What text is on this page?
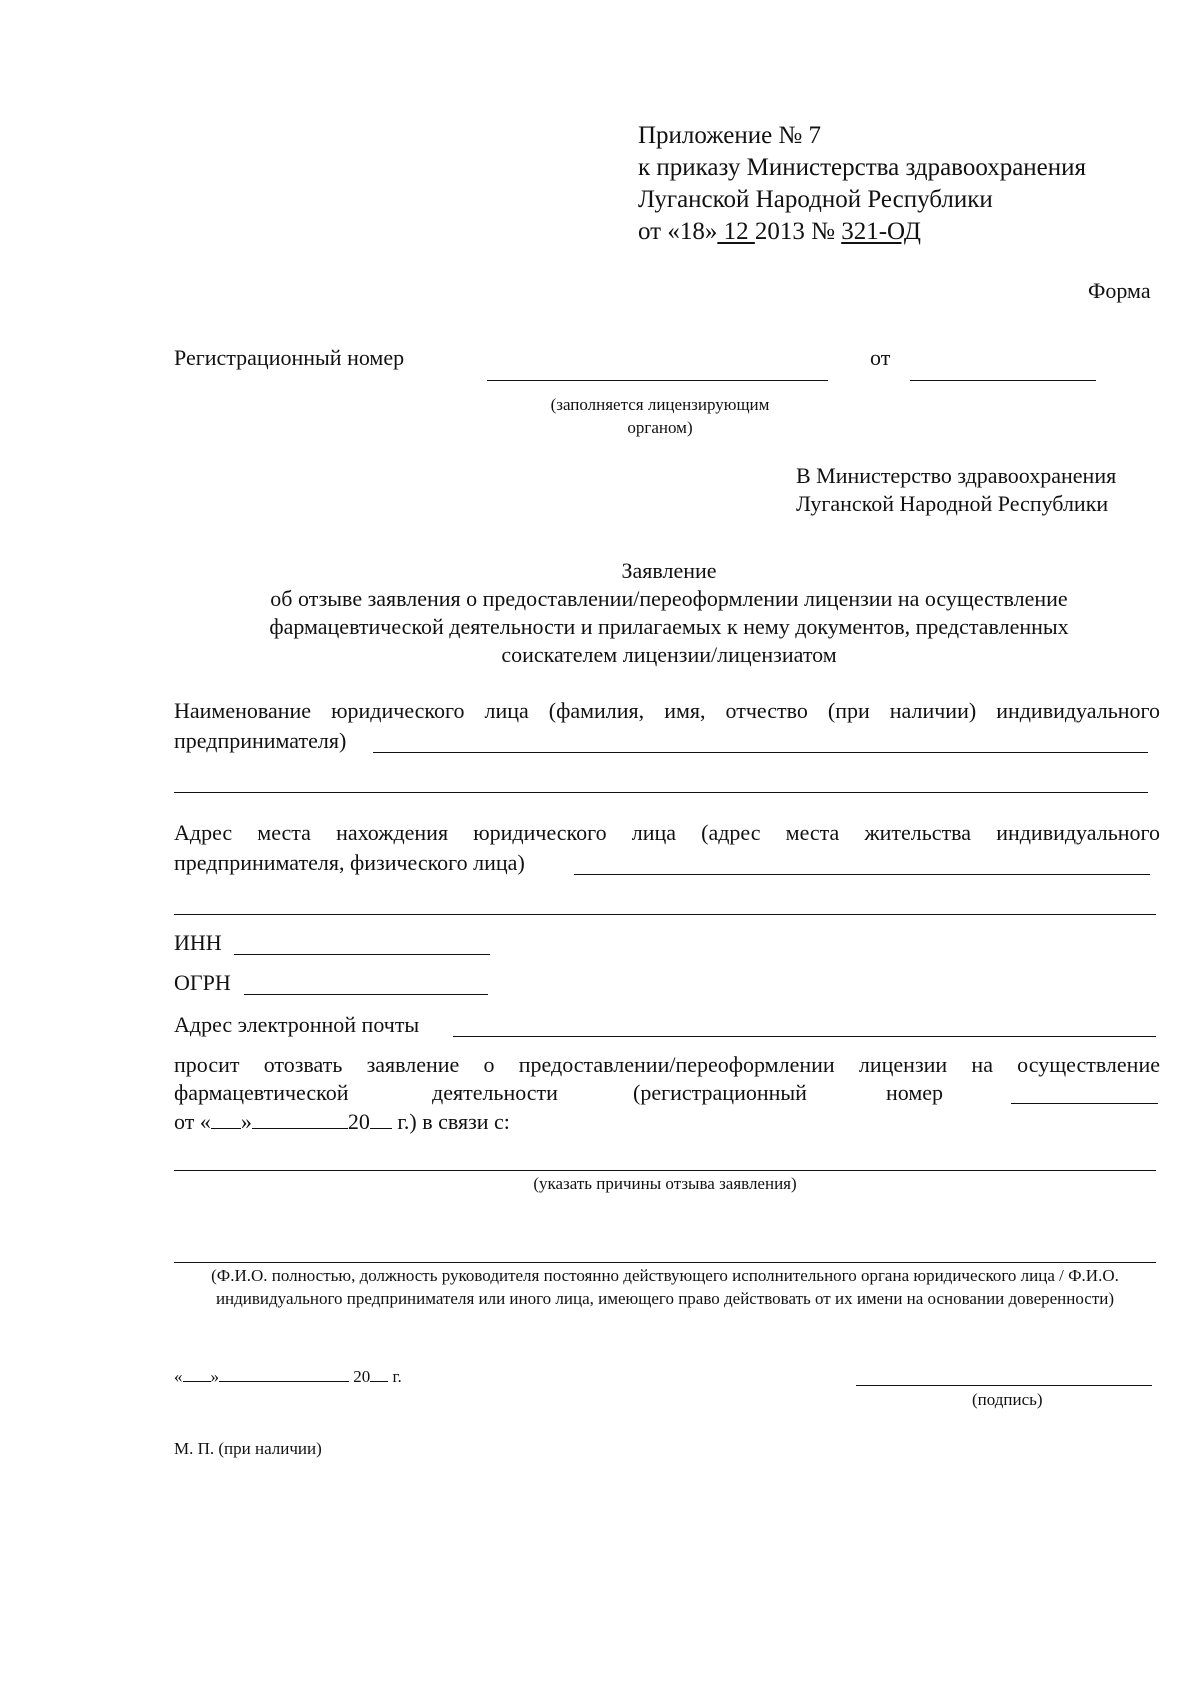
Приложение № 7
к приказу Министерства здравоохранения
Луганской Народной Республики
от «18» 12 2013 № 321-ОД
Форма
Регистрационный номер	от
(заполняется лицензирующим органом)
В Министерство здравоохранения
Луганской Народной Республики
Заявление
об отзыве заявления о предоставлении/переоформлении лицензии на осуществление
фармацевтической деятельности и прилагаемых к нему документов, представленных
соискателем лицензии/лицензиатом
Наименование юридического лица (фамилия, имя, отчество (при наличии) индивидуального
предпринимателя)
Адрес места нахождения юридического лица (адрес места жительства индивидуального
предпринимателя, физического лица)
ИНН
ОГРН
Адрес электронной почты
просит отозвать заявление о предоставлении/переоформлении лицензии на осуществление
фармацевтической	деятельности	(регистрационный	номер
от « »	20 г.) в связи с:
(указать причины отзыва заявления)
(Ф.И.О. полностью, должность руководителя постоянно действующего исполнительного органа юридического лица / Ф.И.О. индивидуального предпринимателя или иного лица, имеющего право действовать от их имени на основании доверенности)
« »	20 г.
(подпись)
М. П. (при наличии)
